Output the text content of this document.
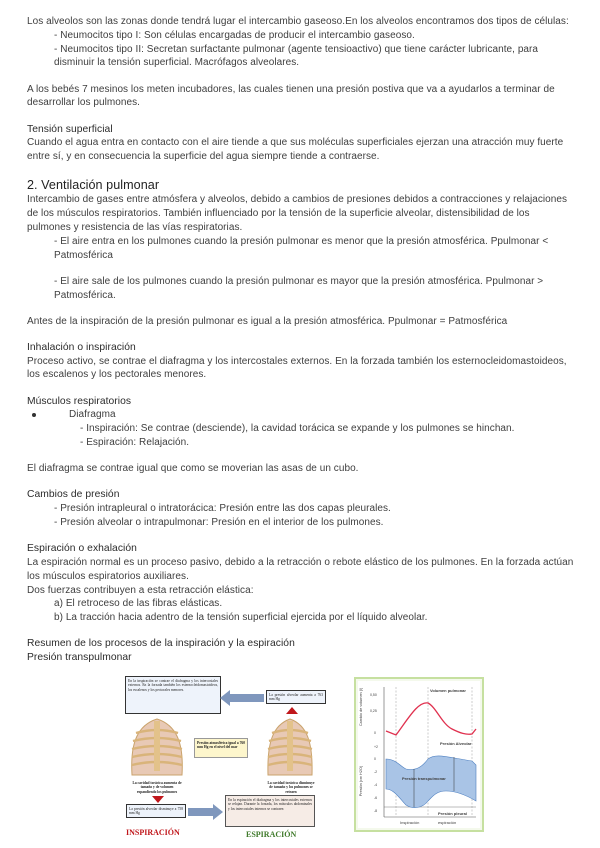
Los alveolos son las zonas donde tendrá lugar el intercambio gaseoso.En los alveolos encontramos dos tipos de células:
- Neumocitos tipo I: Son células encargadas de producir el intercambio gaseoso.
- Neumocitos tipo II: Secretan surfactante pulmonar (agente tensioactivo) que tiene carácter lubricante, para
disminuir la tensión superficial. Macrófagos alveolares.
A los bebés 7 mesinos los meten incubadores, las cuales tienen una presión postiva que va a ayudarlos a terminar de
desarrollar los pulmones.
Tensión superficial
Cuando el agua entra en contacto con el aire tiende a que sus moléculas superficiales ejerzan una atracción muy fuerte
entre sí, y en consecuencia la superficie del agua siempre tiende a contraerse.
2. Ventilación pulmonar
Intercambio de gases entre atmósfera y alveolos, debido a cambios de presiones debidos a contracciones y relajaciones
de los músculos respiratorios. También influenciado por la tensión de la superficie alveolar, distensibilidad de los
pulmones y resistencia de las vías respiratorias.
- El aire entra en los pulmones cuando la presión pulmonar es menor que la presión atmosférica. Ppulmonar <
Patmosférica
- El aire sale de los pulmones cuando la presión pulmonar es mayor que la presión atmosférica. Ppulmonar >
Patmosférica.
Antes de la inspiración de la presión pulmonar es igual a la presión atmosférica. Ppulmonar = Patmosférica
Inhalación o inspiración
Proceso activo, se contrae el diafragma y los intercostales externos. En la forzada también los esternocleidomastoideos,
los escalenos y los pectorales menores.
Músculos respiratorios
Diafragma
- Inspiración: Se contrae (desciende), la cavidad torácica se expande y los pulmones se hinchan.
- Espiración: Relajación.
El diafragma se contrae igual que como se moverian las asas de un cubo.
Cambios de presión
- Presión intrapleural o intratorácica: Presión entre las dos capas pleurales.
- Presión alveolar o intrapulmonar: Presión en el interior de los pulmones.
Espiración o exhalación
La espiración normal es un proceso pasivo, debido a la retracción o rebote elástico de los pulmones. En la forzada actúan
los músculos espiratorios auxiliares.
Dos fuerzas contribuyen a esta retracción elástica:
a) El retroceso de las fibras elásticas.
b) La tracción hacia adentro de la tensión superficial ejercida por el líquido alveolar.
Resumen de los procesos de la inspiración y la espiración
Presión transpulmonar
En la inspiración se contrae el diafragma y los intercostales externos. En la forzada también los esternocleidomastoideos, los escalenos y los pectorales menores.
La presión alveolar aumenta a 763 mm Hg
Presión atmosférica igual a 760 mm Hg en el nivel del mar
La cavidad torácica aumenta de tamaño y de volumen expandiendo los pulmones
La cavidad torácica disminuye de tamaño y los pulmones se retraen
La presión alveolar disminuye a 758 mm Hg
En la espiración el diafragma y los intercostales externos se relajan. Durante la forzada, los músculos abdominales y los intercostales internos se contraen
INSPIRACIÓN	ESPIRACIÓN
Cambio de volumen (l)
Presión (cm H2O)
0,50
0,25
0
+2
0
-2
-4
-6
-8
Volumen pulmonar
Presión Alveolar
Presión transpulmonar
Presión pleural
Inspiración	espiración
